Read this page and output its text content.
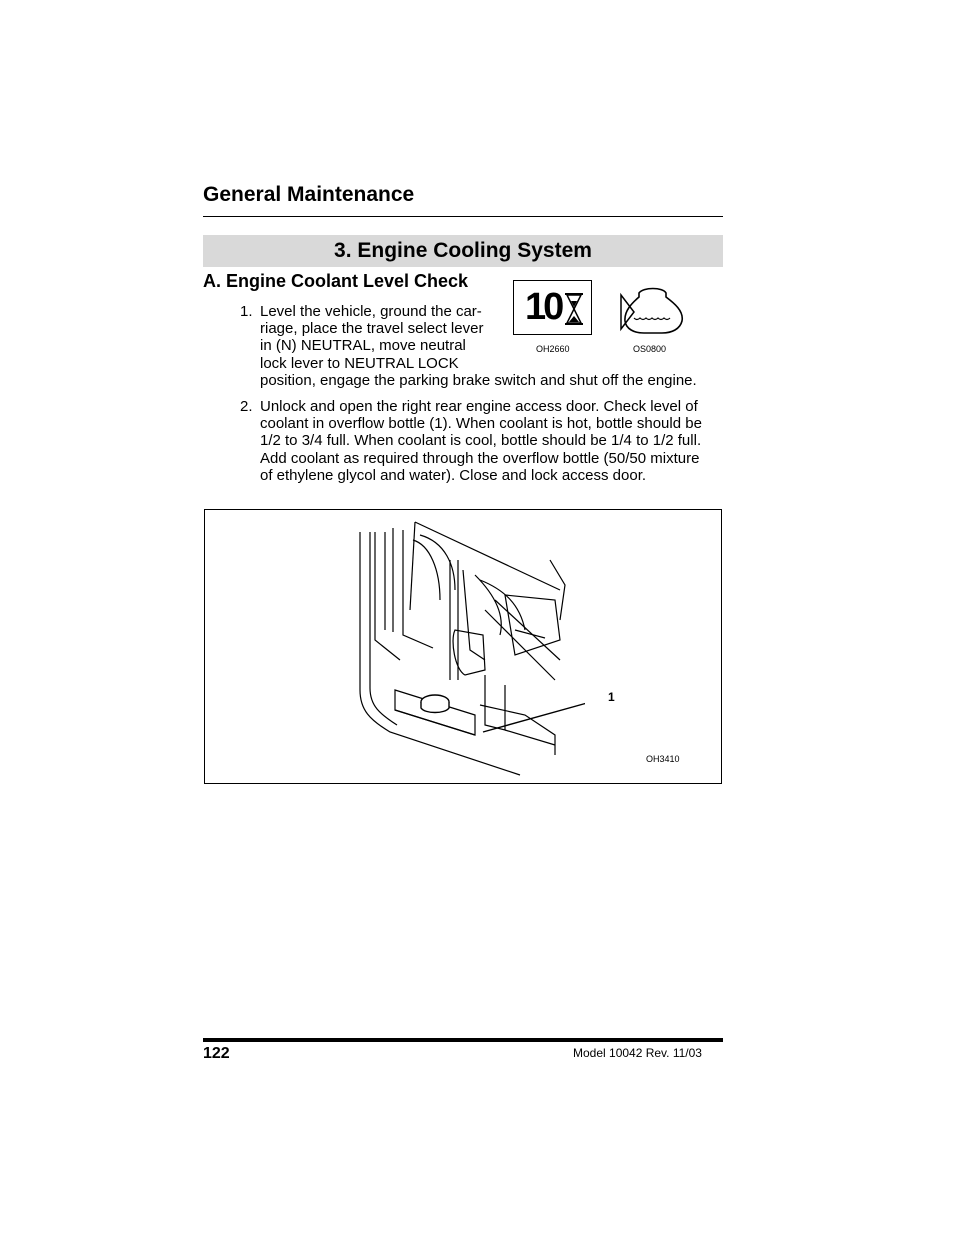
General Maintenance
3. Engine Cooling System
A. Engine Coolant Level Check
1. Level the vehicle, ground the car-
riage, place the travel select lever
in (N) NEUTRAL, move neutral
lock lever to NEUTRAL LOCK
position, engage the parking brake switch and shut off the engine.
2. Unlock and open the right rear engine access door. Check level of
coolant in overflow bottle (1). When coolant is hot, bottle should be
1/2 to 3/4 full. When coolant is cool, bottle should be 1/4 to 1/2 full.
Add coolant as required through the overflow bottle (50/50 mixture
of ethylene glycol and water). Close and lock access door.
10
OH2660	OS0800
1
OH3410
122	Model 10042 Rev. 11/03
